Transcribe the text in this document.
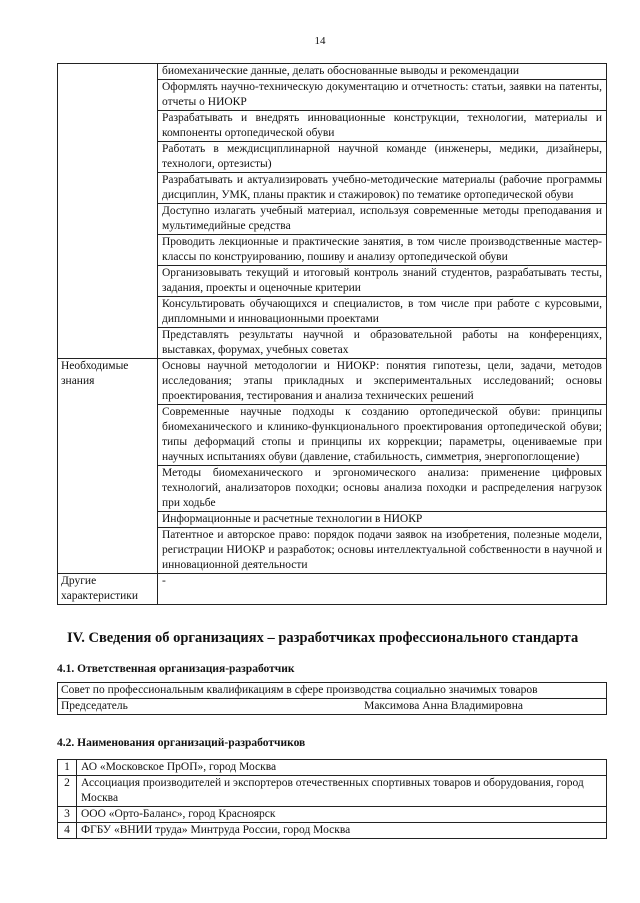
14
	биомеханические данные, делать обоснованные выводы и рекомендации
	Оформлять научно-техническую документацию и отчетность: статьи, заявки на патенты, отчеты о НИОКР
	Разрабатывать и внедрять инновационные конструкции, технологии, материалы и компоненты ортопедической обуви
	Работать в междисциплинарной научной команде (инженеры, медики, дизайнеры, технологи, ортезисты)
	Разрабатывать и актуализировать учебно-методические материалы (рабочие программы дисциплин, УМК, планы практик и стажировок) по тематике ортопедической обуви
	Доступно излагать учебный материал, используя современные методы преподавания и мультимедийные средства
	Проводить лекционные и практические занятия, в том числе производственные мастер-классы по конструированию, пошиву и анализу ортопедической обуви
	Организовывать текущий и итоговый контроль знаний студентов, разрабатывать тесты, задания, проекты и оценочные критерии
	Консультировать обучающихся и специалистов, в том числе при работе с курсовыми, дипломными и инновационными проектами
	Представлять результаты научной и образовательной работы на конференциях, выставках, форумах, учебных советах
Необходимые знания	Основы научной методологии и НИОКР: понятия гипотезы, цели, задачи, методов исследования; этапы прикладных и экспериментальных исследований; основы проектирования, тестирования и анализа технических решений
	Современные научные подходы к созданию ортопедической обуви: принципы биомеханического и клинико-функционального проектирования ортопедической обуви; типы деформаций стопы и принципы их коррекции; параметры, оцениваемые при научных испытаниях обуви (давление, стабильность, симметрия, энергопоглощение)
	Методы биомеханического и эргономического анализа: применение цифровых технологий, анализаторов походки; основы анализа походки и распределения нагрузок при ходьбе
	Информационные и расчетные технологии в НИОКР
	Патентное и авторское право: порядок подачи заявок на изобретения, полезные модели, регистрации НИОКР и разработок; основы интеллектуальной собственности в научной и инновационной деятельности
Другие характеристики	-
IV. Сведения об организациях – разработчиках профессионального стандарта
4.1. Ответственная организация-разработчик
Совет по профессиональным квалификациям в сфере производства социально значимых товаров

Председатель	Максимова Анна Владимировна
4.2. Наименования организаций-разработчиков
1	АО «Московское ПрОП», город Москва
2	Ассоциация производителей и экспортеров отечественных спортивных товаров и оборудования, город Москва
3	ООО «Орто-Баланс», город Красноярск
4	ФГБУ «ВНИИ труда» Минтруда России, город Москва
